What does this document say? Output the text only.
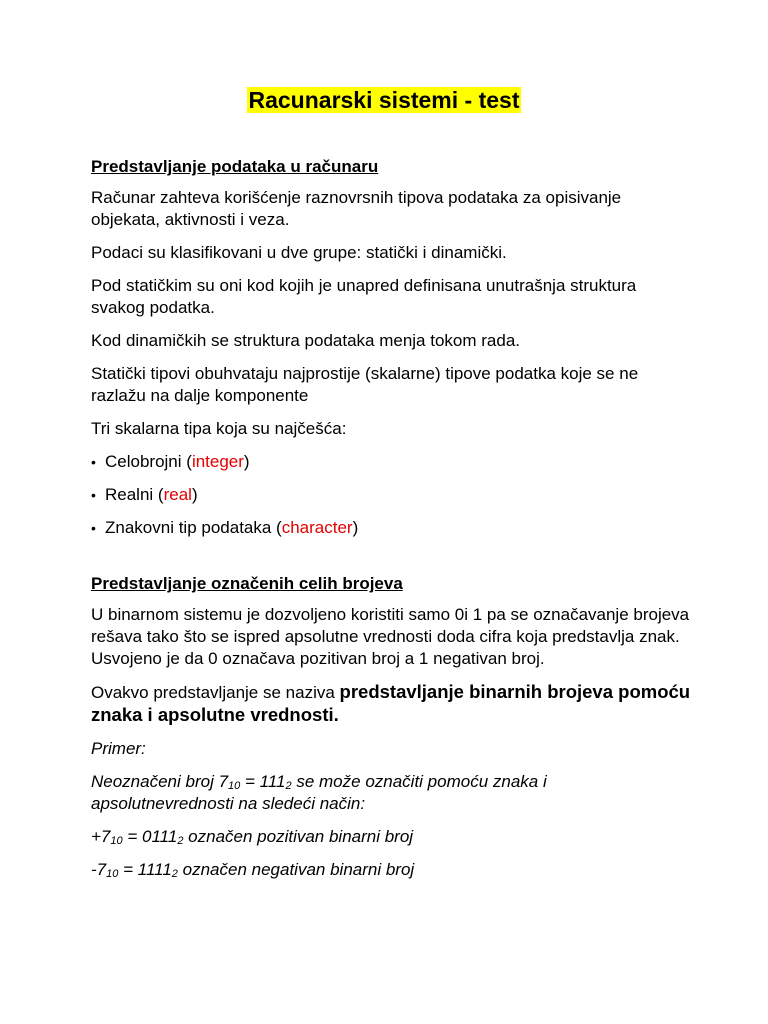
Racunarski sistemi - test
Predstavljanje podataka u računaru

Računar zahteva korišćenje raznovrsnih tipova podataka za opisivanje objekata, aktivnosti i veza.

Podaci su klasifikovani u dve grupe: statički i dinamički.

Pod statičkim su oni kod kojih je unapred definisana unutrašnja struktura svakog podatka.

Kod dinamičkih se struktura podataka menja tokom rada.

Statički tipovi obuhvataju najprostije (skalarne) tipove podatka koje se ne razlažu na dalje komponente

Tri skalarna tipa koja su najčešća:

• Celobrojni (integer)
• Realni (real)
• Znakovni tip podataka (character)
Predstavljanje označenih celih brojeva

U binarnom sistemu je dozvoljeno koristiti samo 0i 1 pa se označavanje brojeva rešava tako što se ispred apsolutne vrednosti doda cifra koja predstavlja znak. Usvojeno je da 0 označava pozitivan broj a 1 negativan broj.

Ovakvo predstavljanje se naziva predstavljanje binarnih brojeva pomoću znaka i apsolutne vrednosti.

Primer:

Neoznačeni broj $7_{10} = 111_2$ se može označiti pomoću znaka i apsolutnevrednosti na sledeći način:

$+7_{10} = 0111_2$ označen pozitivan binarni broj

$-7_{10} = 1111_2$ označen negativan binarni broj
